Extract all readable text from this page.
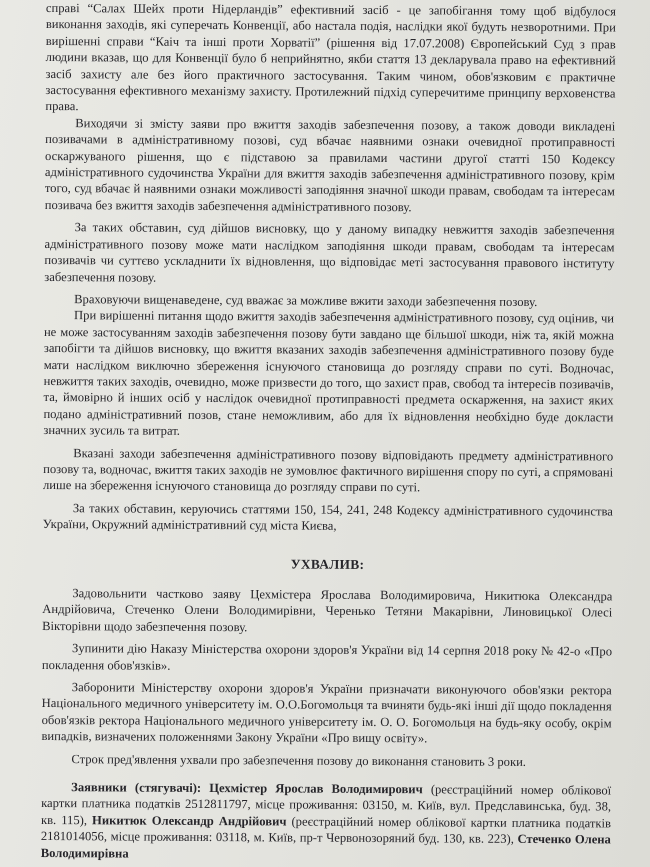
справі “Салах Шейх проти Нідерландів” ефективний засіб - це запобігання тому щоб відбулося виконання заходів, які суперечать Конвенції, або настала подія, наслідки якої будуть незворотними. При вирішенні справи “Каіч та інші проти Хорватії” (рішення від 17.07.2008) Європейський Суд з прав людини вказав, що для Конвенції було б неприйнятно, якби стаття 13 декларувала право на ефективний засіб захисту але без його практичного застосування. Таким чином, обов'язковим є практичне застосування ефективного механізму захисту. Протилежний підхід суперечитиме принципу верховенства права.

Виходячи зі змісту заяви про вжиття заходів забезпечення позову, а також доводи викладені позивачами в адміністративному позові, суд вбачає наявними ознаки очевидної протиправності оскаржуваного рішення, що є підставою за правилами частини другої статті 150 Кодексу адміністративного судочинства України для вжиття заходів забезпечення адміністративного позову, крім того, суд вбачає й наявними ознаки можливості заподіяння значної шкоди правам, свободам та інтересам позивача без вжиття заходів забезпечення адміністративного позову.

За таких обставин, суд дійшов висновку, що у даному випадку невжиття заходів забезпечення адміністративного позову може мати наслідком заподіяння шкоди правам, свободам та інтересам позивачів чи суттєво ускладнити їх відновлення, що відповідає меті застосування правового інституту забезпечення позову.

Враховуючи вищенаведене, суд вважає за можливе вжити заходи забезпечення позову.

При вирішенні питання щодо вжиття заходів забезпечення адміністративного позову, суд оцінив, чи не може застосуванням заходів забезпечення позову бути завдано ще більшої шкоди, ніж та, якій можна запобігти та дійшов висновку, що вжиття вказаних заходів забезпечення адміністративного позову буде мати наслідком виключно збереження існуючого становища до розгляду справи по суті. Водночас, невжиття таких заходів, очевидно, може призвести до того, що захист прав, свобод та інтересів позивачів, та, ймовірно й інших осіб у наслідок очевидної протиправності предмета оскарження, на захист яких подано адміністративний позов, стане неможливим, або для їх відновлення необхідно буде докласти значних зусиль та витрат.

Вказані заходи забезпечення адміністративного позову відповідають предмету адміністративного позову та, водночас, вжиття таких заходів не зумовлює фактичного вирішення спору по суті, а спрямовані лише на збереження існуючого становища до розгляду справи по суті.

За таких обставин, керуючись статтями 150, 154, 241, 248 Кодексу адміністративного судочинства України, Окружний адміністративний суд міста Києва,

УХВАЛИВ:

Задовольнити частково заяву Цехмістера Ярослава Володимировича, Никитюка Олександра Андрійовича, Стеченко Олени Володимирівни, Черенько Тетяни Макарівни, Линовицької Олесі Вікторівни щодо забезпечення позову.

Зупинити дію Наказу Міністерства охорони здоров'я України від 14 серпня 2018 року № 42-о «Про покладення обов'язків».

Заборонити Міністерству охорони здоров'я України призначати виконуючого обов'язки ректора Національного медичного університету ім. О.О.Богомольця та вчиняти будь-які інші дії щодо покладення обов'язків ректора Національного медичного університету ім. О. О. Богомольця на будь-яку особу, окрім випадків, визначених положеннями Закону України «Про вищу освіту».

Строк пред'явлення ухвали про забезпечення позову до виконання становить 3 роки.

Заявники (стягувачі): Цехмістер Ярослав Володимирович (реєстраційний номер облікової картки платника податків 2512811797, місце проживання: 03150, м. Київ, вул. Предславинська, буд. 38, кв. 115), Никитюк Олександр Андрійович (реєстраційний номер облікової картки платника податків 2181014056, місце проживання: 03118, м. Київ, пр-т Червонозоряний буд. 130, кв. 223), Стеченко Олена Володимирівна
